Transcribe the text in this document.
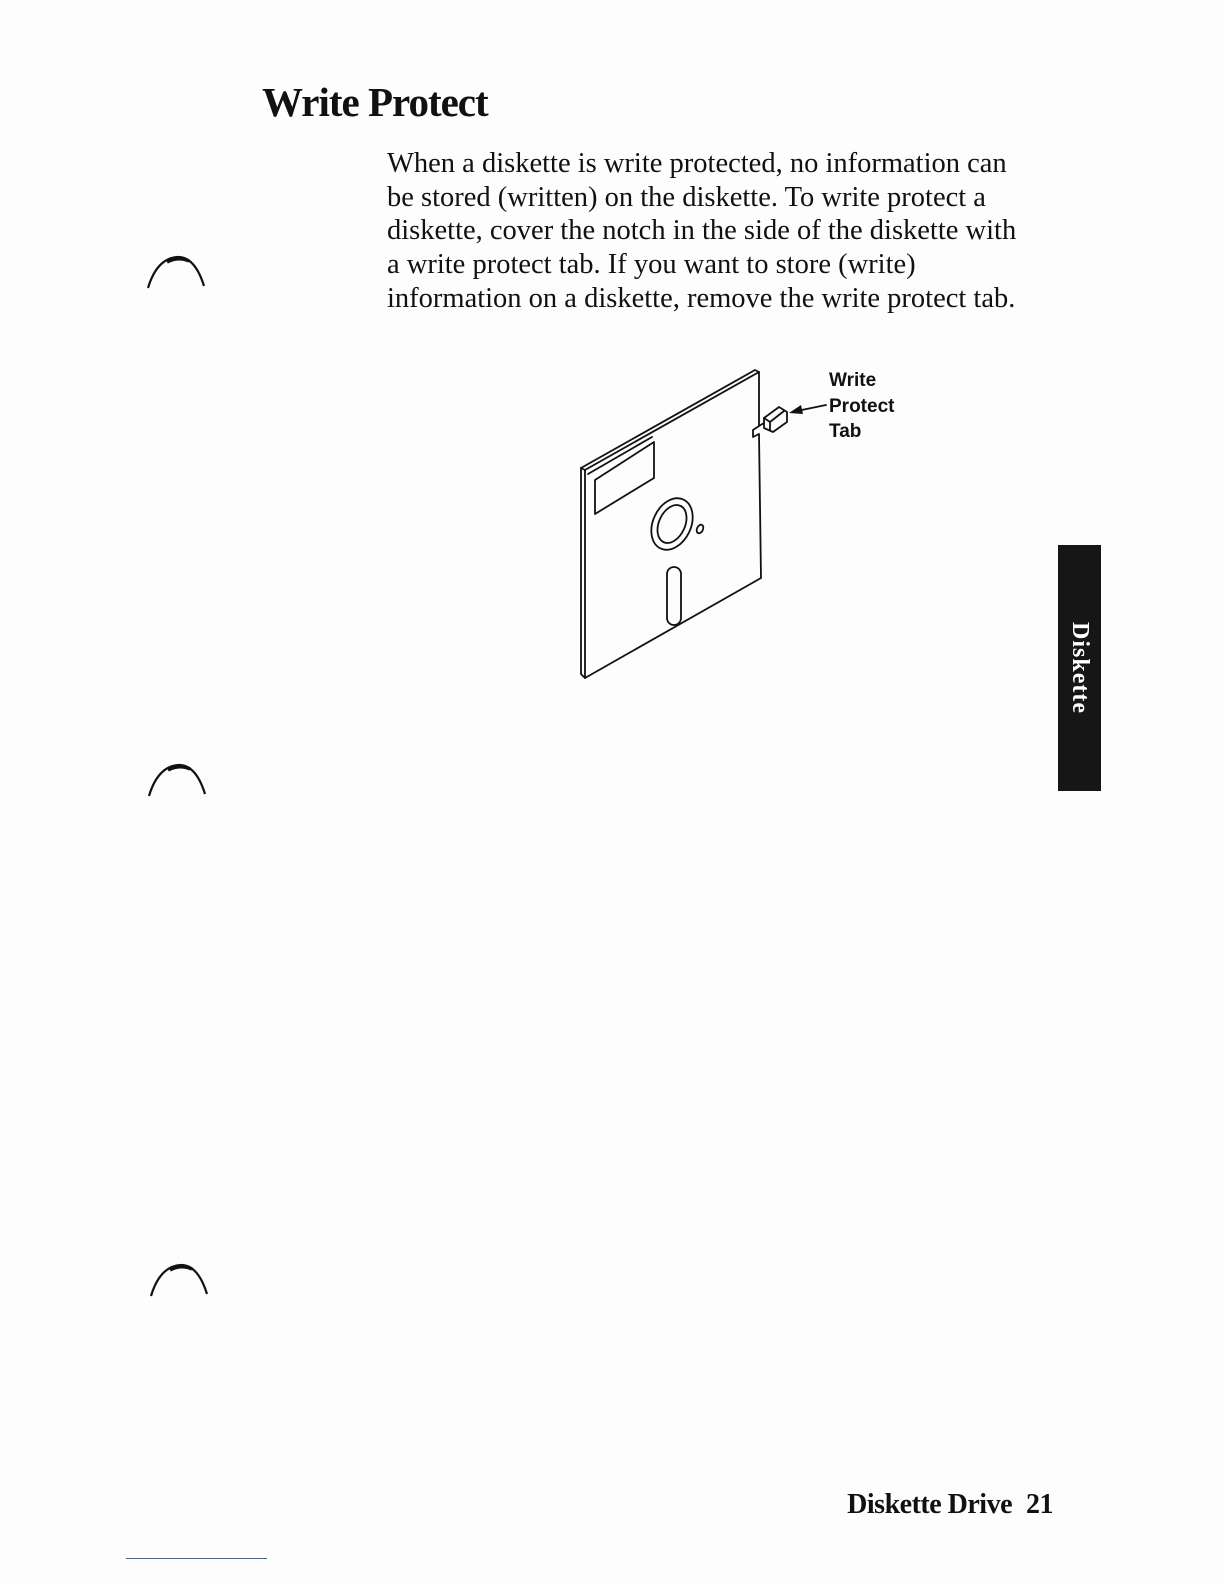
Write Protect
When a diskette is write protected, no information can
be stored (written) on the diskette. To write protect a
diskette, cover the notch in the side of the diskette with
a write protect tab. If you want to store (write)
information on a diskette, remove the write protect tab.
Write
Protect
Tab
Diskette
Diskette Drive 21
